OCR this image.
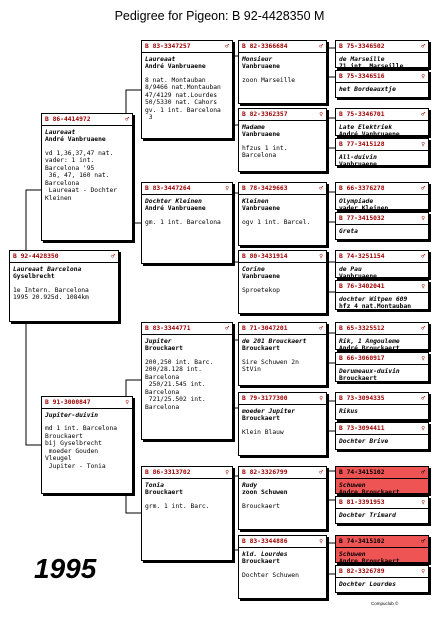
Pedigree for Pigeon: B 92-4428350 M
1995
Compuclub ©
B 92-4428350	♂
Laureaat Barcelona
Gyselbrecht
1e Intern. Barcelona
1995 20.925d. 1084km
B 86-4414972	♂
Laureaat
André Vanbruaene
vd 1,36,37,47 nat.
vader: 1 int.
Barcelona '95
36, 47, 160 nat.
Barcelona
Laureaat - Dochter
Kleinen
B 91-3000847	♀
Jupiter-duivin
md 1 int. Barcelona
Brouckaert
bij Gyselbrecht
moeder Gouden
Vleugel
Jupiter - Tonia
B 83-3347257	♂
Laureaat
André Vanbruaene
8 nat. Montauban
8/9466 nat.Montauban
47/4129 nat.Lourdes
50/5330 nat. Cahors
gv. 1 int. Barcelona
3
B 83-3447264	♀
Dochter Kleinen
André Vanbruaene
gm. 1 int. Barcelona
B 83-3344771	♂
Jupiter
Brouckaert
200,250 int. Barc.
200/28.128 int.
Barcelona
250/21.545 int.
Barcelona
721/25.502 int.
Barcelona
B 86-3313702	♀
Tonia
Brouckaert
grm. 1 int. Barc.
B 82-3366684	♂
Monsieur
Vanbruaene
zoon Marseille
B 82-3362357	♀
Madame
Vanbruaene
hfzus 1 int.
Barcelona
B 78-3429663	♂
Kleinen
Vanbruaene
ogv 1 int. Barcel.
B 80-3431914	♀
Corine
Vanbruaene
Sproetekop
B 71-3047201	♂
de 201 Brouckaert
Brouckaert
Sire Schuwen 2n
StVin
B 79-3177300	♀
moeder Jupiter
Brouckaert
Klein Blauw
B 82-3326799	♂
Rudy
zoon Schuwen
Brouckaert
B 83-3344886	♀
kld. Lourdes
Brouckaert
Dochter Schuwen
B 75-3346502	♂
de Marseille
71 int. Marseille
B 75-3346516	♀
het Bordeauxtje
B 75-3346701	♂
Late Elektriek
André Vanbruaene
B 77-3415128	♀
All-duivin
Vanbruaene
B 66-3376278	♂
Olympiade
vader Kleinen
B 77-3415032	♀
Greta
B 74-3251154	♂
de Pau
Vanbruaene
B 76-3402041	♀
dochter Witpen 609
hfz 4 nat.Montauban
B 65-3325512	♂
Rik, 1 Angouleme
André Brouckaert
B 66-3060917	♀
Derumeaux-duivin
Brouckaert
B 73-3094335	♂
Rikus
B 73-3094411	♀
Dochter Brive
B 74-3415102	♂
Schuwen
Andre Brouckaert
B 81-3391953	♀
Dochter Trimard
B 74-3415102	♂
Schuwen
Andre Brouckaert
B 82-3326789	♀
Dochter Lourdes
